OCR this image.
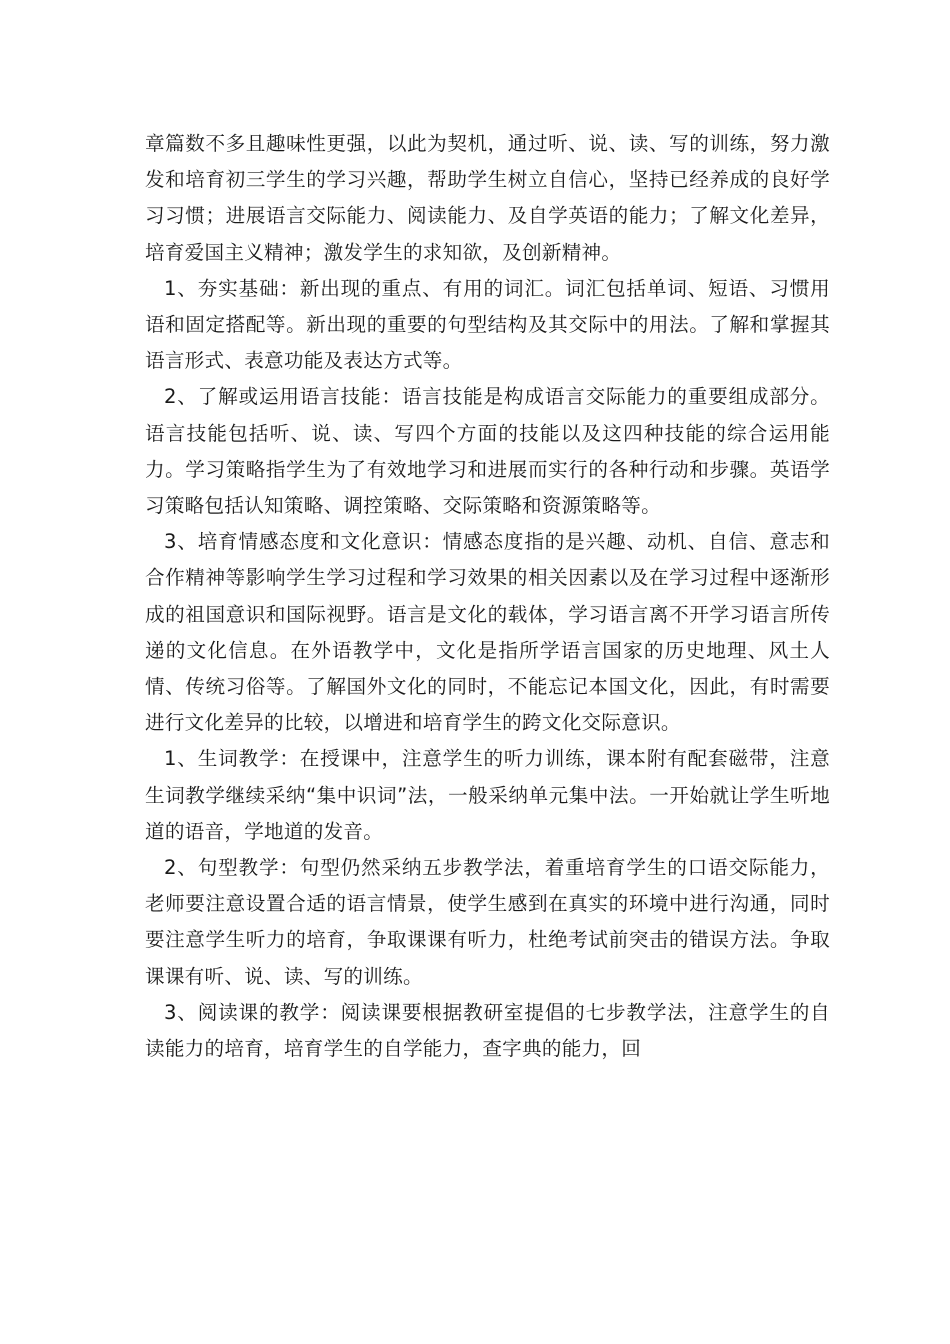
章篇数不多且趣味性更强，以此为契机，通过听、说、读、写的训练，努力激发和培育初三学生的学习兴趣，帮助学生树立自信心，坚持已经养成的良好学习习惯；进展语言交际能力、阅读能力、及自学英语的能力；了解文化差异，培育爱国主义精神；激发学生的求知欲，及创新精神。

1、夯实基础：新出现的重点、有用的词汇。词汇包括单词、短语、习惯用语和固定搭配等。新出现的重要的句型结构及其交际中的用法。了解和掌握其语言形式、表意功能及表达方式等。

2、了解或运用语言技能：语言技能是构成语言交际能力的重要组成部分。语言技能包括听、说、读、写四个方面的技能以及这四种技能的综合运用能力。学习策略指学生为了有效地学习和进展而实行的各种行动和步骤。英语学习策略包括认知策略、调控策略、交际策略和资源策略等。

3、培育情感态度和文化意识：情感态度指的是兴趣、动机、自信、意志和合作精神等影响学生学习过程和学习效果的相关因素以及在学习过程中逐渐形成的祖国意识和国际视野。语言是文化的载体，学习语言离不开学习语言所传递的文化信息。在外语教学中，文化是指所学语言国家的历史地理、风土人情、传统习俗等。了解国外文化的同时，不能忘记本国文化，因此，有时需要进行文化差异的比较，以增进和培育学生的跨文化交际意识。

1、生词教学：在授课中，注意学生的听力训练，课本附有配套磁带，注意生词教学继续采纳“集中识词”法，一般采纳单元集中法。一开始就让学生听地道的语音，学地道的发音。

2、句型教学：句型仍然采纳五步教学法，着重培育学生的口语交际能力，老师要注意设置合适的语言情景，使学生感到在真实的环境中进行沟通，同时要注意学生听力的培育，争取课课有听力，杜绝考试前突击的错误方法。争取课课有听、说、读、写的训练。

3、阅读课的教学：阅读课要根据教研室提倡的七步教学法，注意学生的自读能力的培育，培育学生的自学能力，查字典的能力，回
